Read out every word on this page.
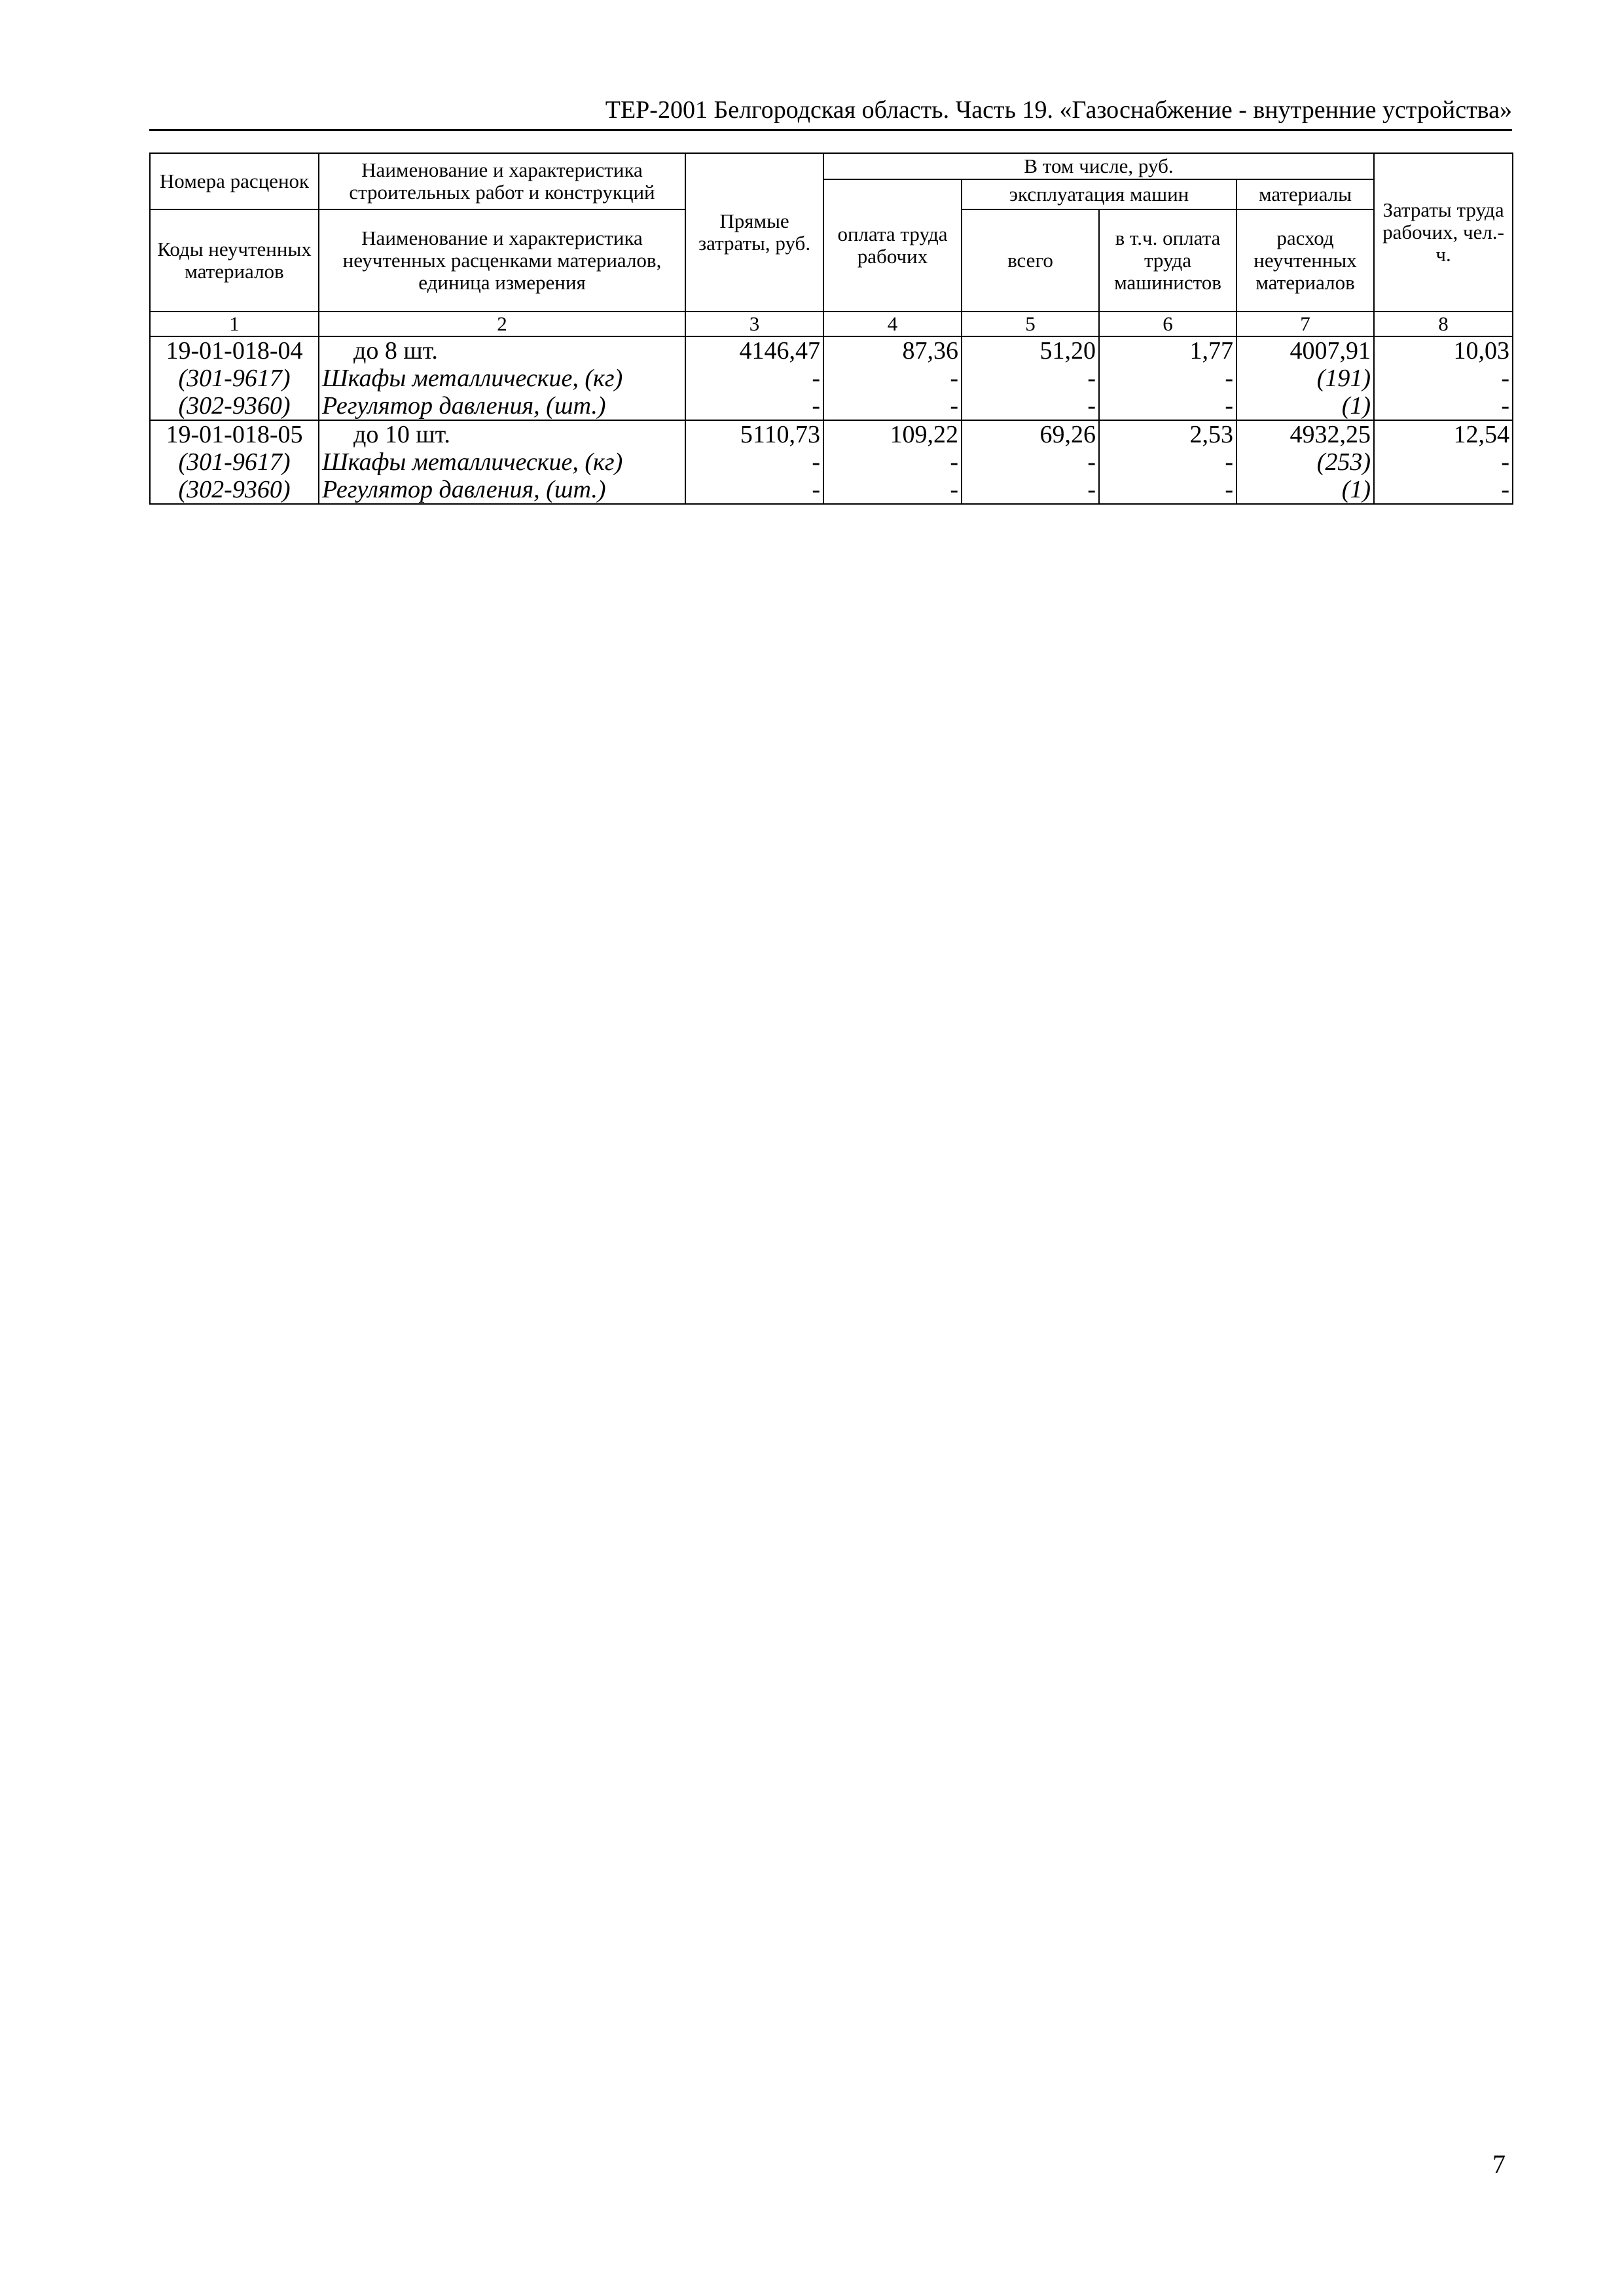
ТЕР-2001 Белгородская область. Часть 19. «Газоснабжение - внутренние устройства»
Номера расценок	Наименование и характеристика строительных работ и конструкций	Прямые затраты, руб.	В том числе, руб.				Затраты труда рабочих, чел.-ч.
			оплата труда рабочих	эксплуатация машин		материалы	
Коды неучтенных материалов	Наименование и характеристика неучтенных расценками материалов, единица измерения			всего	в т.ч. оплата труда машинистов	расход неучтенных материалов	
1	2	3	4	5	6	7	8
19-01-018-04	до 8 шт.	4146,47	87,36	51,20	1,77	4007,91	10,03
(301-9617)	Шкафы металлические, (кг)	-	-	-	-	(191)	-
(302-9360)	Регулятор давления, (шт.)	-	-	-	-	(1)	-
19-01-018-05	до 10 шт.	5110,73	109,22	69,26	2,53	4932,25	12,54
(301-9617)	Шкафы металлические, (кг)	-	-	-	-	(253)	-
(302-9360)	Регулятор давления, (шт.)	-	-	-	-	(1)	-
7
